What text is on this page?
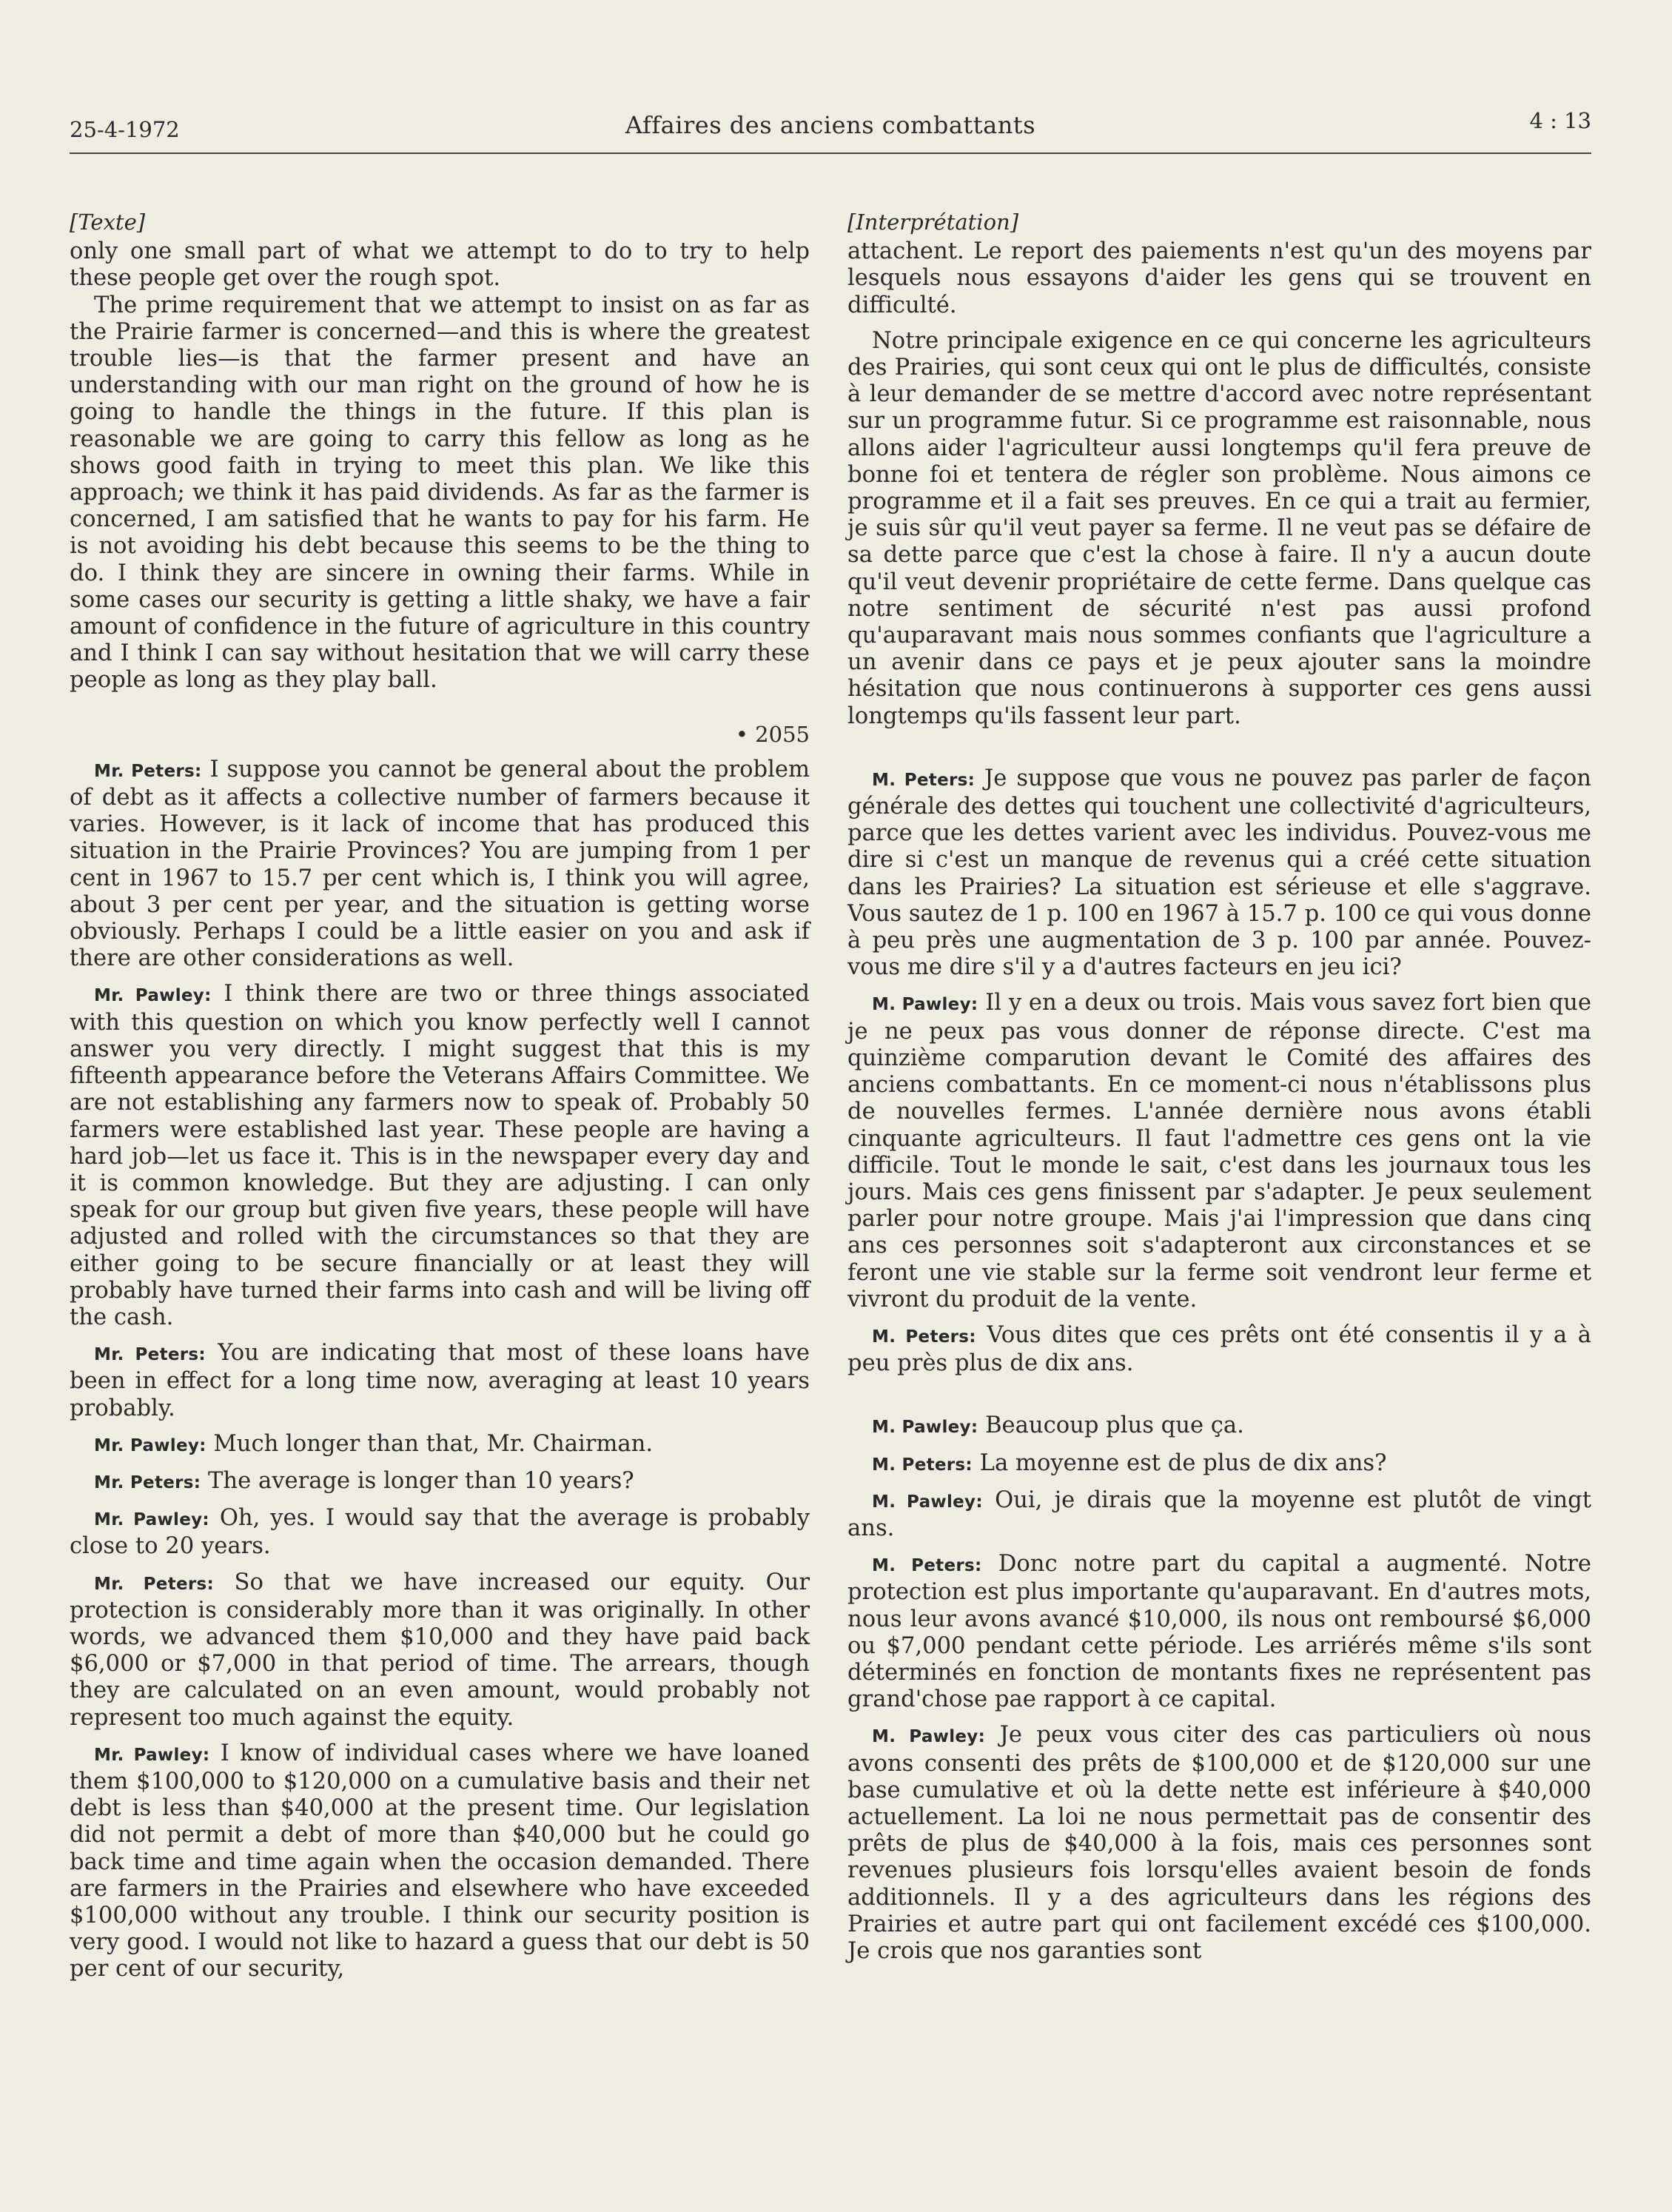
25-4-1972	Affaires des anciens combattants	4 : 13
[Texte]

only one small part of what we attempt to do to try to help these people get over the rough spot.

The prime requirement that we attempt to insist on as far as the Prairie farmer is concerned—and this is where the greatest trouble lies—is that the farmer present and have an understanding with our man right on the ground of how he is going to handle the things in the future. If this plan is reasonable we are going to carry this fellow as long as he shows good faith in trying to meet this plan. We like this approach; we think it has paid dividends. As far as the farmer is concerned, I am satisfied that he wants to pay for his farm. He is not avoiding his debt because this seems to be the thing to do. I think they are sincere in owning their farms. While in some cases our security is getting a little shaky, we have a fair amount of confidence in the future of agriculture in this country and I think I can say without hesitation that we will carry these people as long as they play ball.

• 2055

Mr. Peters: I suppose you cannot be general about the problem of debt as it affects a collective number of farmers because it varies. However, is it lack of income that has produced this situation in the Prairie Provinces? You are jumping from 1 per cent in 1967 to 15.7 per cent which is, I think you will agree, about 3 per cent per year, and the situation is getting worse obviously. Perhaps I could be a little easier on you and ask if there are other considerations as well.

Mr. Pawley: I think there are two or three things associated with this question on which you know perfectly well I cannot answer you very directly. I might suggest that this is my fifteenth appearance before the Veterans Affairs Committee. We are not establishing any farmers now to speak of. Probably 50 farmers were established last year. These people are having a hard job—let us face it. This is in the newspaper every day and it is common knowledge. But they are adjusting. I can only speak for our group but given five years, these people will have adjusted and rolled with the circumstances so that they are either going to be secure financially or at least they will probably have turned their farms into cash and will be living off the cash.

Mr. Peters: You are indicating that most of these loans have been in effect for a long time now, averaging at least 10 years probably.

Mr. Pawley: Much longer than that, Mr. Chairman.

Mr. Peters: The average is longer than 10 years?

Mr. Pawley: Oh, yes. I would say that the average is probably close to 20 years.

Mr. Peters: So that we have increased our equity. Our protection is considerably more than it was originally. In other words, we advanced them $10,000 and they have paid back $6,000 or $7,000 in that period of time. The arrears, though they are calculated on an even amount, would probably not represent too much against the equity.

Mr. Pawley: I know of individual cases where we have loaned them $100,000 to $120,000 on a cumulative basis and their net debt is less than $40,000 at the present time. Our legislation did not permit a debt of more than $40,000 but he could go back time and time again when the occasion demanded. There are farmers in the Prairies and elsewhere who have exceeded $100,000 without any trouble. I think our security position is very good. I would not like to hazard a guess that our debt is 50 per cent of our security,

[Interprétation]

attachent. Le report des paiements n'est qu'un des moyens par lesquels nous essayons d'aider les gens qui se trouvent en difficulté.

Notre principale exigence en ce qui concerne les agriculteurs des Prairies, qui sont ceux qui ont le plus de difficultés, consiste à leur demander de se mettre d'accord avec notre représentant sur un programme futur. Si ce programme est raisonnable, nous allons aider l'agriculteur aussi longtemps qu'il fera preuve de bonne foi et tentera de régler son problème. Nous aimons ce programme et il a fait ses preuves. En ce qui a trait au fermier, je suis sûr qu'il veut payer sa ferme. Il ne veut pas se défaire de sa dette parce que c'est la chose à faire. Il n'y a aucun doute qu'il veut devenir propriétaire de cette ferme. Dans quelque cas notre sentiment de sécurité n'est pas aussi profond qu'auparavant mais nous sommes confiants que l'agriculture a un avenir dans ce pays et je peux ajouter sans la moindre hésitation que nous continuerons à supporter ces gens aussi longtemps qu'ils fassent leur part.

M. Peters: Je suppose que vous ne pouvez pas parler de façon générale des dettes qui touchent une collectivité d'agriculteurs, parce que les dettes varient avec les individus. Pouvez-vous me dire si c'est un manque de revenus qui a créé cette situation dans les Prairies? La situation est sérieuse et elle s'aggrave. Vous sautez de 1 p. 100 en 1967 à 15.7 p. 100 ce qui vous donne à peu près une augmentation de 3 p. 100 par année. Pouvez-vous me dire s'il y a d'autres facteurs en jeu ici?

M. Pawley: Il y en a deux ou trois. Mais vous savez fort bien que je ne peux pas vous donner de réponse directe. C'est ma quinzième comparution devant le Comité des affaires des anciens combattants. En ce moment-ci nous n'établissons plus de nouvelles fermes. L'année dernière nous avons établi cinquante agriculteurs. Il faut l'admettre ces gens ont la vie difficile. Tout le monde le sait, c'est dans les journaux tous les jours. Mais ces gens finissent par s'adapter. Je peux seulement parler pour notre groupe. Mais j'ai l'impression que dans cinq ans ces personnes soit s'adapteront aux circonstances et se feront une vie stable sur la ferme soit vendront leur ferme et vivront du produit de la vente.

M. Peters: Vous dites que ces prêts ont été consentis il y a à peu près plus de dix ans.

M. Pawley: Beaucoup plus que ça.

M. Peters: La moyenne est de plus de dix ans?

M. Pawley: Oui, je dirais que la moyenne est plutôt de vingt ans.

M. Peters: Donc notre part du capital a augmenté. Notre protection est plus importante qu'auparavant. En d'autres mots, nous leur avons avancé $10,000, ils nous ont remboursé $6,000 ou $7,000 pendant cette période. Les arriérés même s'ils sont déterminés en fonction de montants fixes ne représentent pas grand'chose pae rapport à ce capital.

M. Pawley: Je peux vous citer des cas particuliers où nous avons consenti des prêts de $100,000 et de $120,000 sur une base cumulative et où la dette nette est inférieure à $40,000 actuellement. La loi ne nous permettait pas de consentir des prêts de plus de $40,000 à la fois, mais ces personnes sont revenues plusieurs fois lorsqu'elles avaient besoin de fonds additionnels. Il y a des agriculteurs dans les régions des Prairies et autre part qui ont facilement excédé ces $100,000. Je crois que nos garanties sont
